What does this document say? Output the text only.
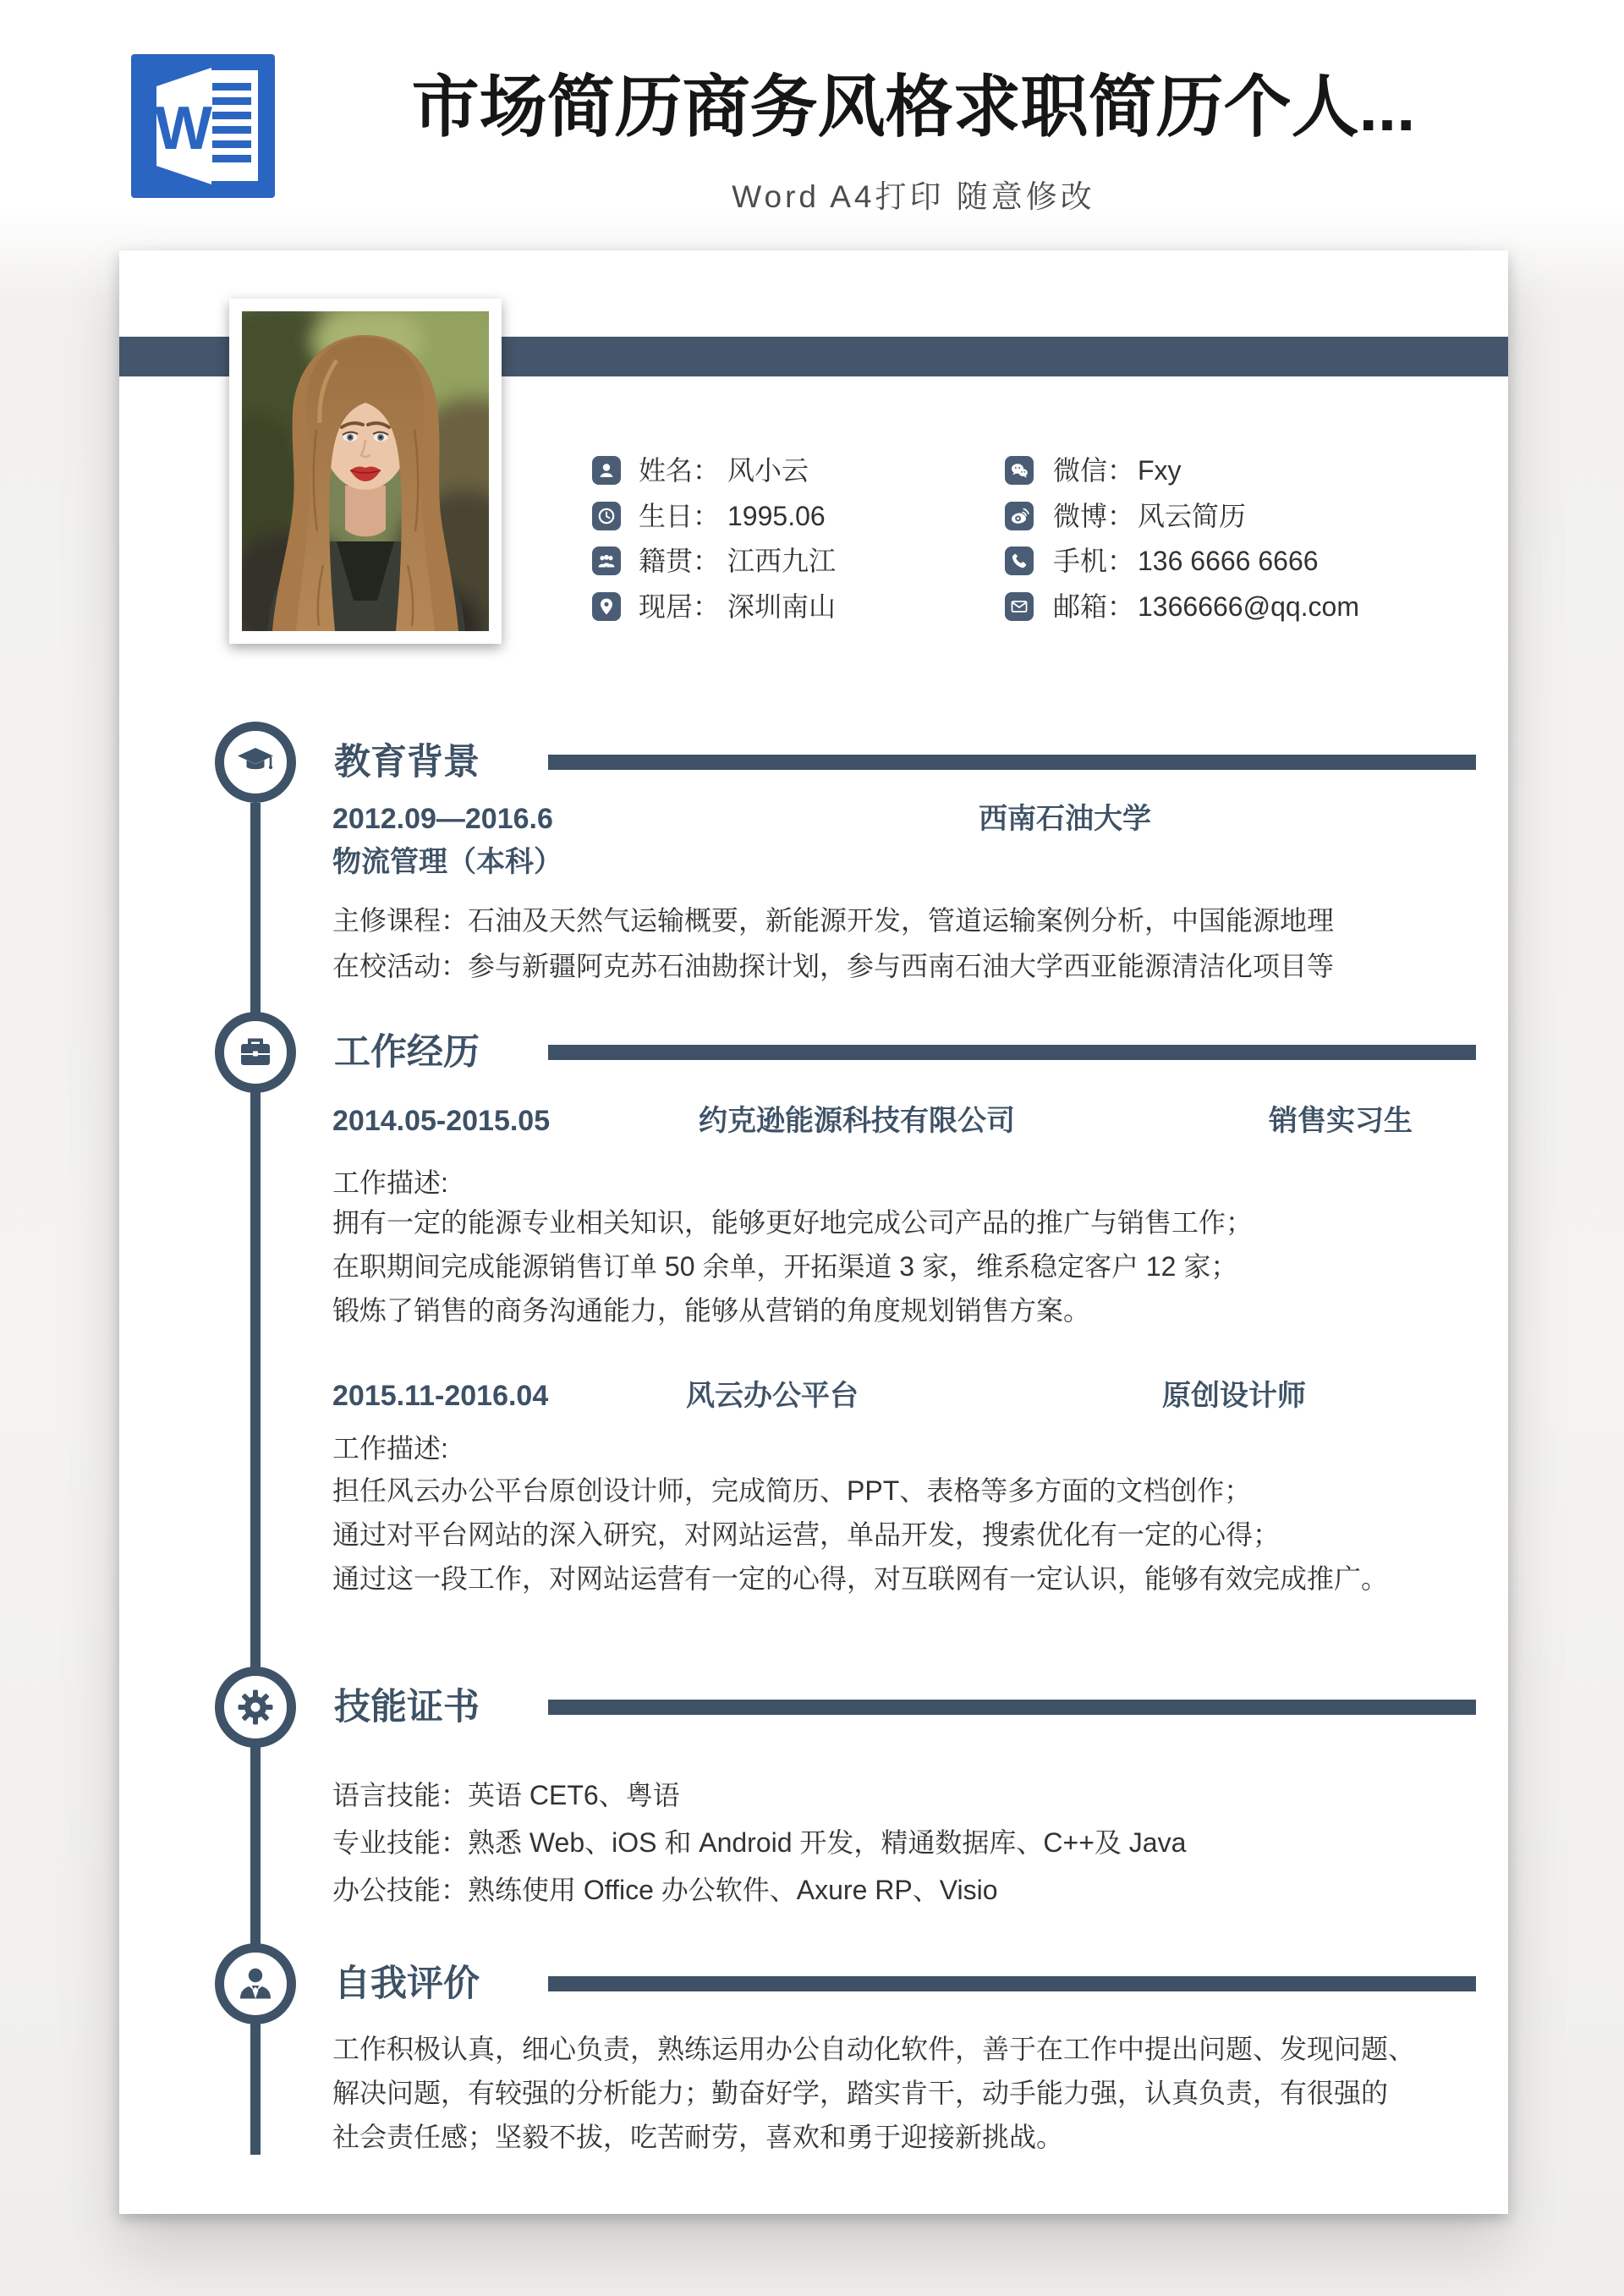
W	市场简历商务风格求职简历个人...
Word A4打印 随意修改
姓名： 风小云
生日： 1995.06
籍贯： 江西九江
现居： 深圳南山
微信： Fxy
微博： 风云简历
手机： 136 6666 6666
邮箱： 1366666@qq.com
教育背景
2012.09—2016.6	西南石油大学
物流管理（本科）
主修课程：石油及天然气运输概要，新能源开发，管道运输案例分析，中国能源地理
在校活动：参与新疆阿克苏石油勘探计划，参与西南石油大学西亚能源清洁化项目等
工作经历
2014.05-2015.05	约克逊能源科技有限公司	销售实习生
工作描述:
拥有一定的能源专业相关知识，能够更好地完成公司产品的推广与销售工作；
在职期间完成能源销售订单 50 余单，开拓渠道 3 家，维系稳定客户 12 家；
锻炼了销售的商务沟通能力，能够从营销的角度规划销售方案。
2015.11-2016.04	风云办公平台	原创设计师
工作描述:
担任风云办公平台原创设计师，完成简历、PPT、表格等多方面的文档创作；
通过对平台网站的深入研究，对网站运营，单品开发，搜索优化有一定的心得；
通过这一段工作，对网站运营有一定的心得，对互联网有一定认识，能够有效完成推广。
技能证书
语言技能：英语 CET6、粤语
专业技能：熟悉 Web、iOS 和 Android 开发，精通数据库、C++及 Java
办公技能：熟练使用 Office 办公软件、Axure RP、Visio
自我评价
工作积极认真，细心负责，熟练运用办公自动化软件，善于在工作中提出问题、发现问题、
解决问题，有较强的分析能力；勤奋好学，踏实肯干，动手能力强，认真负责，有很强的
社会责任感；坚毅不拔，吃苦耐劳，喜欢和勇于迎接新挑战。
